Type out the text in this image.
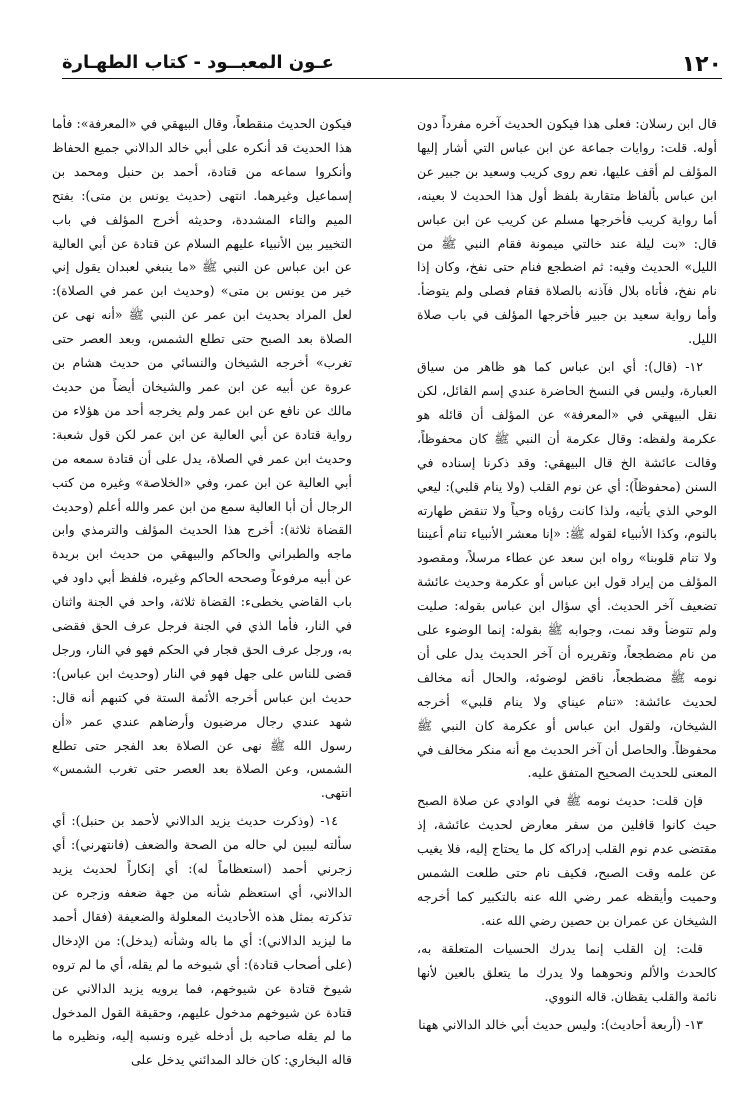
١٢٠
عـون المعبــود - كتاب الطهـارة

قال ابن رسلان: فعلى هذا فيكون الحديث آخره مفرداً دون أوله. قلت: روايات جماعة عن ابن عباس التي أشار إليها المؤلف لم أقف عليها، نعم روى كريب وسعيد بن جبير عن ابن عباس بألفاظ متقاربة بلفظ أول هذا الحديث لا بعينه، أما رواية كريب فأخرجها مسلم عن كريب عن ابن عباس قال: «بت ليلة عند خالتي ميمونة فقام النبي ﷺ من الليل» الحديث وفيه: ثم اضطجع فنام حتى نفخ، وكان إذا نام نفخ، فأتاه بلال فآذنه بالصلاة فقام فصلى ولم يتوضأ. وأما رواية سعيد بن جبير فأخرجها المؤلف في باب صلاة الليل.

١٢- (قال): أي ابن عباس كما هو ظاهر من سياق العبارة، وليس في النسخ الحاضرة عندي إسم القائل، لكن نقل البيهقي في «المعرفة» عن المؤلف أن قائله هو عكرمة ولفظه: وقال عكرمة أن النبي ﷺ كان محفوظاً، وقالت عائشة الخ قال البيهقي: وقد ذكرنا إسناده في السنن (محفوظاً): أي عن نوم القلب (ولا ينام قلبي): ليعي الوحي الذي يأتيه، ولذا كانت رؤياه وحياً ولا تنقض طهارته بالنوم، وكذا الأنبياء لقوله ﷺ: «إنا معشر الأنبياء تنام أعيننا ولا تنام قلوبنا» رواه ابن سعد عن عطاء مرسلاً، ومقصود المؤلف من إيراد قول ابن عباس أو عكرمة وحديث عائشة تضعيف آخر الحديث. أي سؤال ابن عباس بقوله: صليت ولم تتوضأ وقد نمت، وجوابه ﷺ بقوله: إنما الوضوء على من نام مضطجعاً، وتقريره أن آخر الحديث يدل على أن نومه ﷺ مضطجعاً، ناقض لوضوئه، والحال أنه مخالف لحديث عائشة: «تنام عيناي ولا ينام قلبي» أخرجه الشيخان، ولقول ابن عباس أو عكرمة كان النبي ﷺ محفوظاً. والحاصل أن آخر الحديث مع أنه منكر مخالف في المعنى للحديث الصحيح المتفق عليه.

فإن قلت: حديث نومه ﷺ في الوادي عن صلاة الصبح حيث كانوا قافلين من سفر معارض لحديث عائشة، إذ مقتضى عدم نوم القلب إدراكه كل ما يحتاج إليه، فلا يغيب عن علمه وقت الصبح، فكيف نام حتى طلعت الشمس وحميت وأيقظه عمر رضي الله عنه بالتكبير كما أخرجه الشيخان عن عمران بن حصين رضي الله عنه.

قلت: إن القلب إنما يدرك الحسيات المتعلقة به، كالحدث والألم ونحوهما ولا يدرك ما يتعلق بالعين لأنها نائمة والقلب يقظان. قاله النووي.

١٣- (أربعة أحاديث): وليس حديث أبي خالد الدالاني ههنا

فيكون الحديث منقطعاً، وقال البيهقي في «المعرفة»: فأما هذا الحديث قد أنكره على أبي خالد الدالاني جميع الحفاظ وأنكروا سماعه من قتادة، أحمد بن حنبل ومحمد بن إسماعيل وغيرهما. انتهى (حديث يونس بن متى): بفتح الميم والتاء المشددة، وحديثه أخرج المؤلف في باب التخيير بين الأنبياء عليهم السلام عن قتادة عن أبي العالية عن ابن عباس عن النبي ﷺ «ما ينبغي لعبدان يقول إني خير من يونس بن متى» (وحديث ابن عمر في الصلاة): لعل المراد بحديث ابن عمر عن النبي ﷺ «أنه نهى عن الصلاة بعد الصبح حتى تطلع الشمس، وبعد العصر حتى تغرب» أخرجه الشيخان والنسائي من حديث هشام بن عروة عن أبيه عن ابن عمر والشيخان أيضاً من حديث مالك عن نافع عن ابن عمر ولم يخرجه أحد من هؤلاء من رواية قتادة عن أبي العالية عن ابن عمر لكن قول شعبة: وحديث ابن عمر في الصلاة، يدل على أن قتادة سمعه من أبي العالية عن ابن عمر، وفي «الخلاصة» وغيره من كتب الرجال أن أبا العالية سمع من ابن عمر والله أعلم (وحديث القضاة ثلاثة): أخرج هذا الحديث المؤلف والترمذي وابن ماجه والطبراني والحاكم والبيهقي من حديث ابن بريدة عن أبيه مرفوعاً وصححه الحاكم وغيره، فلفظ أبي داود في باب القاضي يخطىء: القضاة ثلاثة، واحد في الجنة واثنان في النار، فأما الذي في الجنة فرجل عرف الحق فقضى به، ورجل عرف الحق فجار في الحكم فهو في النار، ورجل قضى للناس على جهل فهو في النار (وحديث ابن عباس): حديث ابن عباس أخرجه الأئمة الستة في كتبهم أنه قال: شهد عندي رجال مرضيون وأرضاهم عندي عمر «أن رسول الله ﷺ نهى عن الصلاة بعد الفجر حتى تطلع الشمس، وعن الصلاة بعد العصر حتى تغرب الشمس» انتهى.

١٤- (وذكرت حديث يزيد الدالاني لأحمد بن حنبل): أي سألته ليبين لي حاله من الصحة والضعف (فانتهرني): أي زجرني أحمد (استعظاماً له): أي إنكاراً لحديث يزيد الدالاني، أي استعظم شأنه من جهة ضعفه وزجره عن تذكرته بمثل هذه الأحاديث المعلولة والضعيفة (فقال أحمد ما ليزيد الدالاني): أي ما باله وشأنه (يدخل): من الإدخال (على أصحاب قتادة): أي شيوخه ما لم يقله، أي ما لم تروه شيوخ قتادة عن شيوخهم، فما يرويه يزيد الدالاني عن قتادة عن شيوخهم مدخول عليهم، وحقيقة القول المدخول ما لم يقله صاحبه بل أدخله غيره ونسبه إليه، ونظيره ما قاله البخاري: كان خالد المدائني يدخل على
